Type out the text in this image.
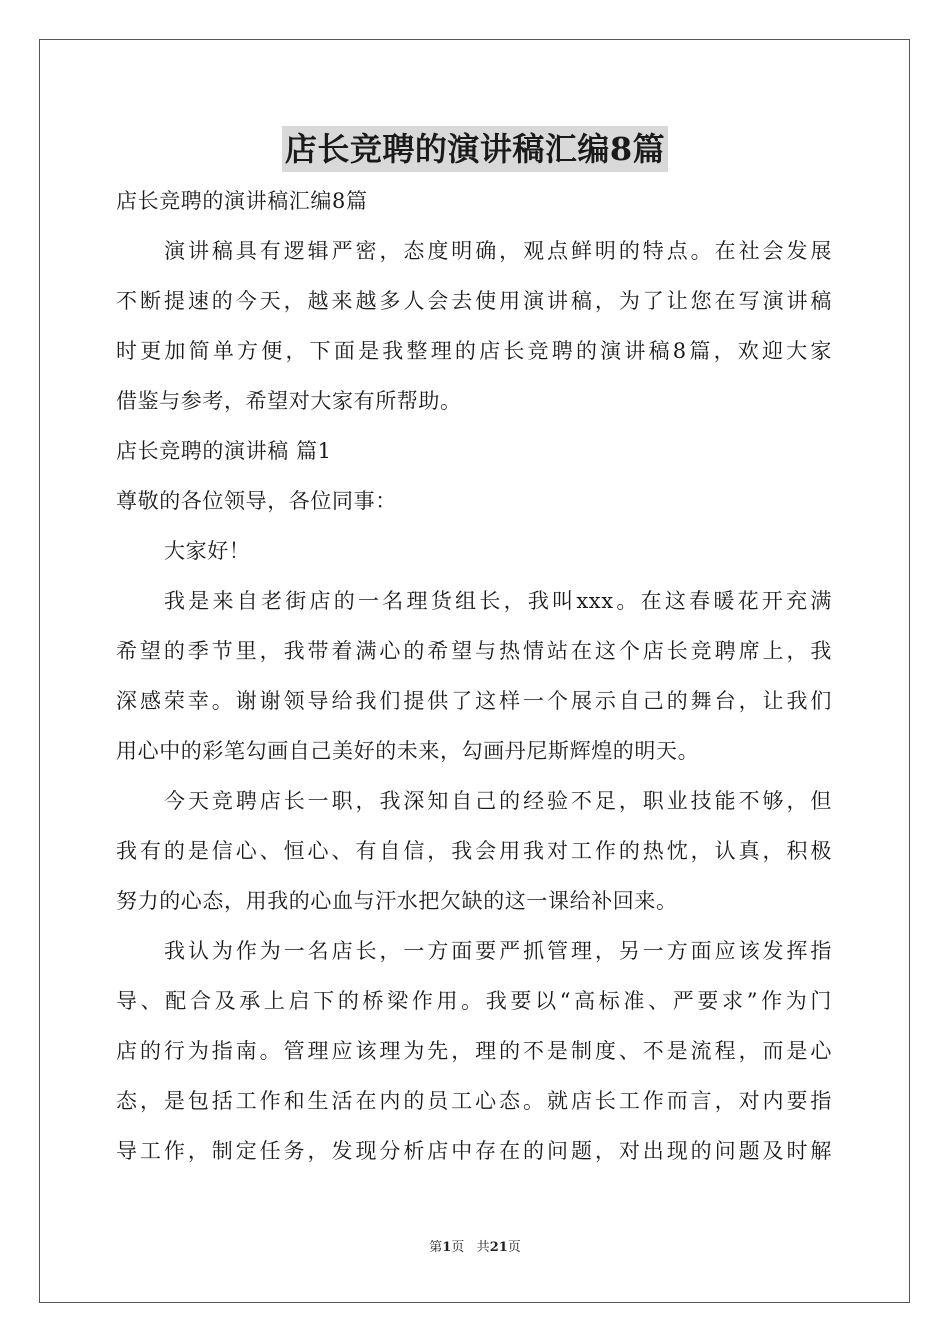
店长竞聘的演讲稿汇编8篇
店长竞聘的演讲稿汇编8篇
演讲稿具有逻辑严密，态度明确，观点鲜明的特点。在社会发展
不断提速的今天，越来越多人会去使用演讲稿，为了让您在写演讲稿
时更加简单方便，下面是我整理的店长竞聘的演讲稿8篇，欢迎大家
借鉴与参考，希望对大家有所帮助。
店长竞聘的演讲稿 篇1
尊敬的各位领导，各位同事：
大家好！
我是来自老街店的一名理货组长，我叫xxx。在这春暖花开充满
希望的季节里，我带着满心的希望与热情站在这个店长竞聘席上，我
深感荣幸。谢谢领导给我们提供了这样一个展示自己的舞台，让我们
用心中的彩笔勾画自己美好的未来，勾画丹尼斯辉煌的明天。
今天竞聘店长一职，我深知自己的经验不足，职业技能不够，但
我有的是信心、恒心、有自信，我会用我对工作的热忱，认真，积极
努力的心态，用我的心血与汗水把欠缺的这一课给补回来。
我认为作为一名店长，一方面要严抓管理，另一方面应该发挥指
导、配合及承上启下的桥梁作用。我要以“高标准、严要求”作为门
店的行为指南。管理应该理为先，理的不是制度、不是流程，而是心
态，是包括工作和生活在内的员工心态。就店长工作而言，对内要指
导工作，制定任务，发现分析店中存在的问题，对出现的问题及时解
第1页 共21页
